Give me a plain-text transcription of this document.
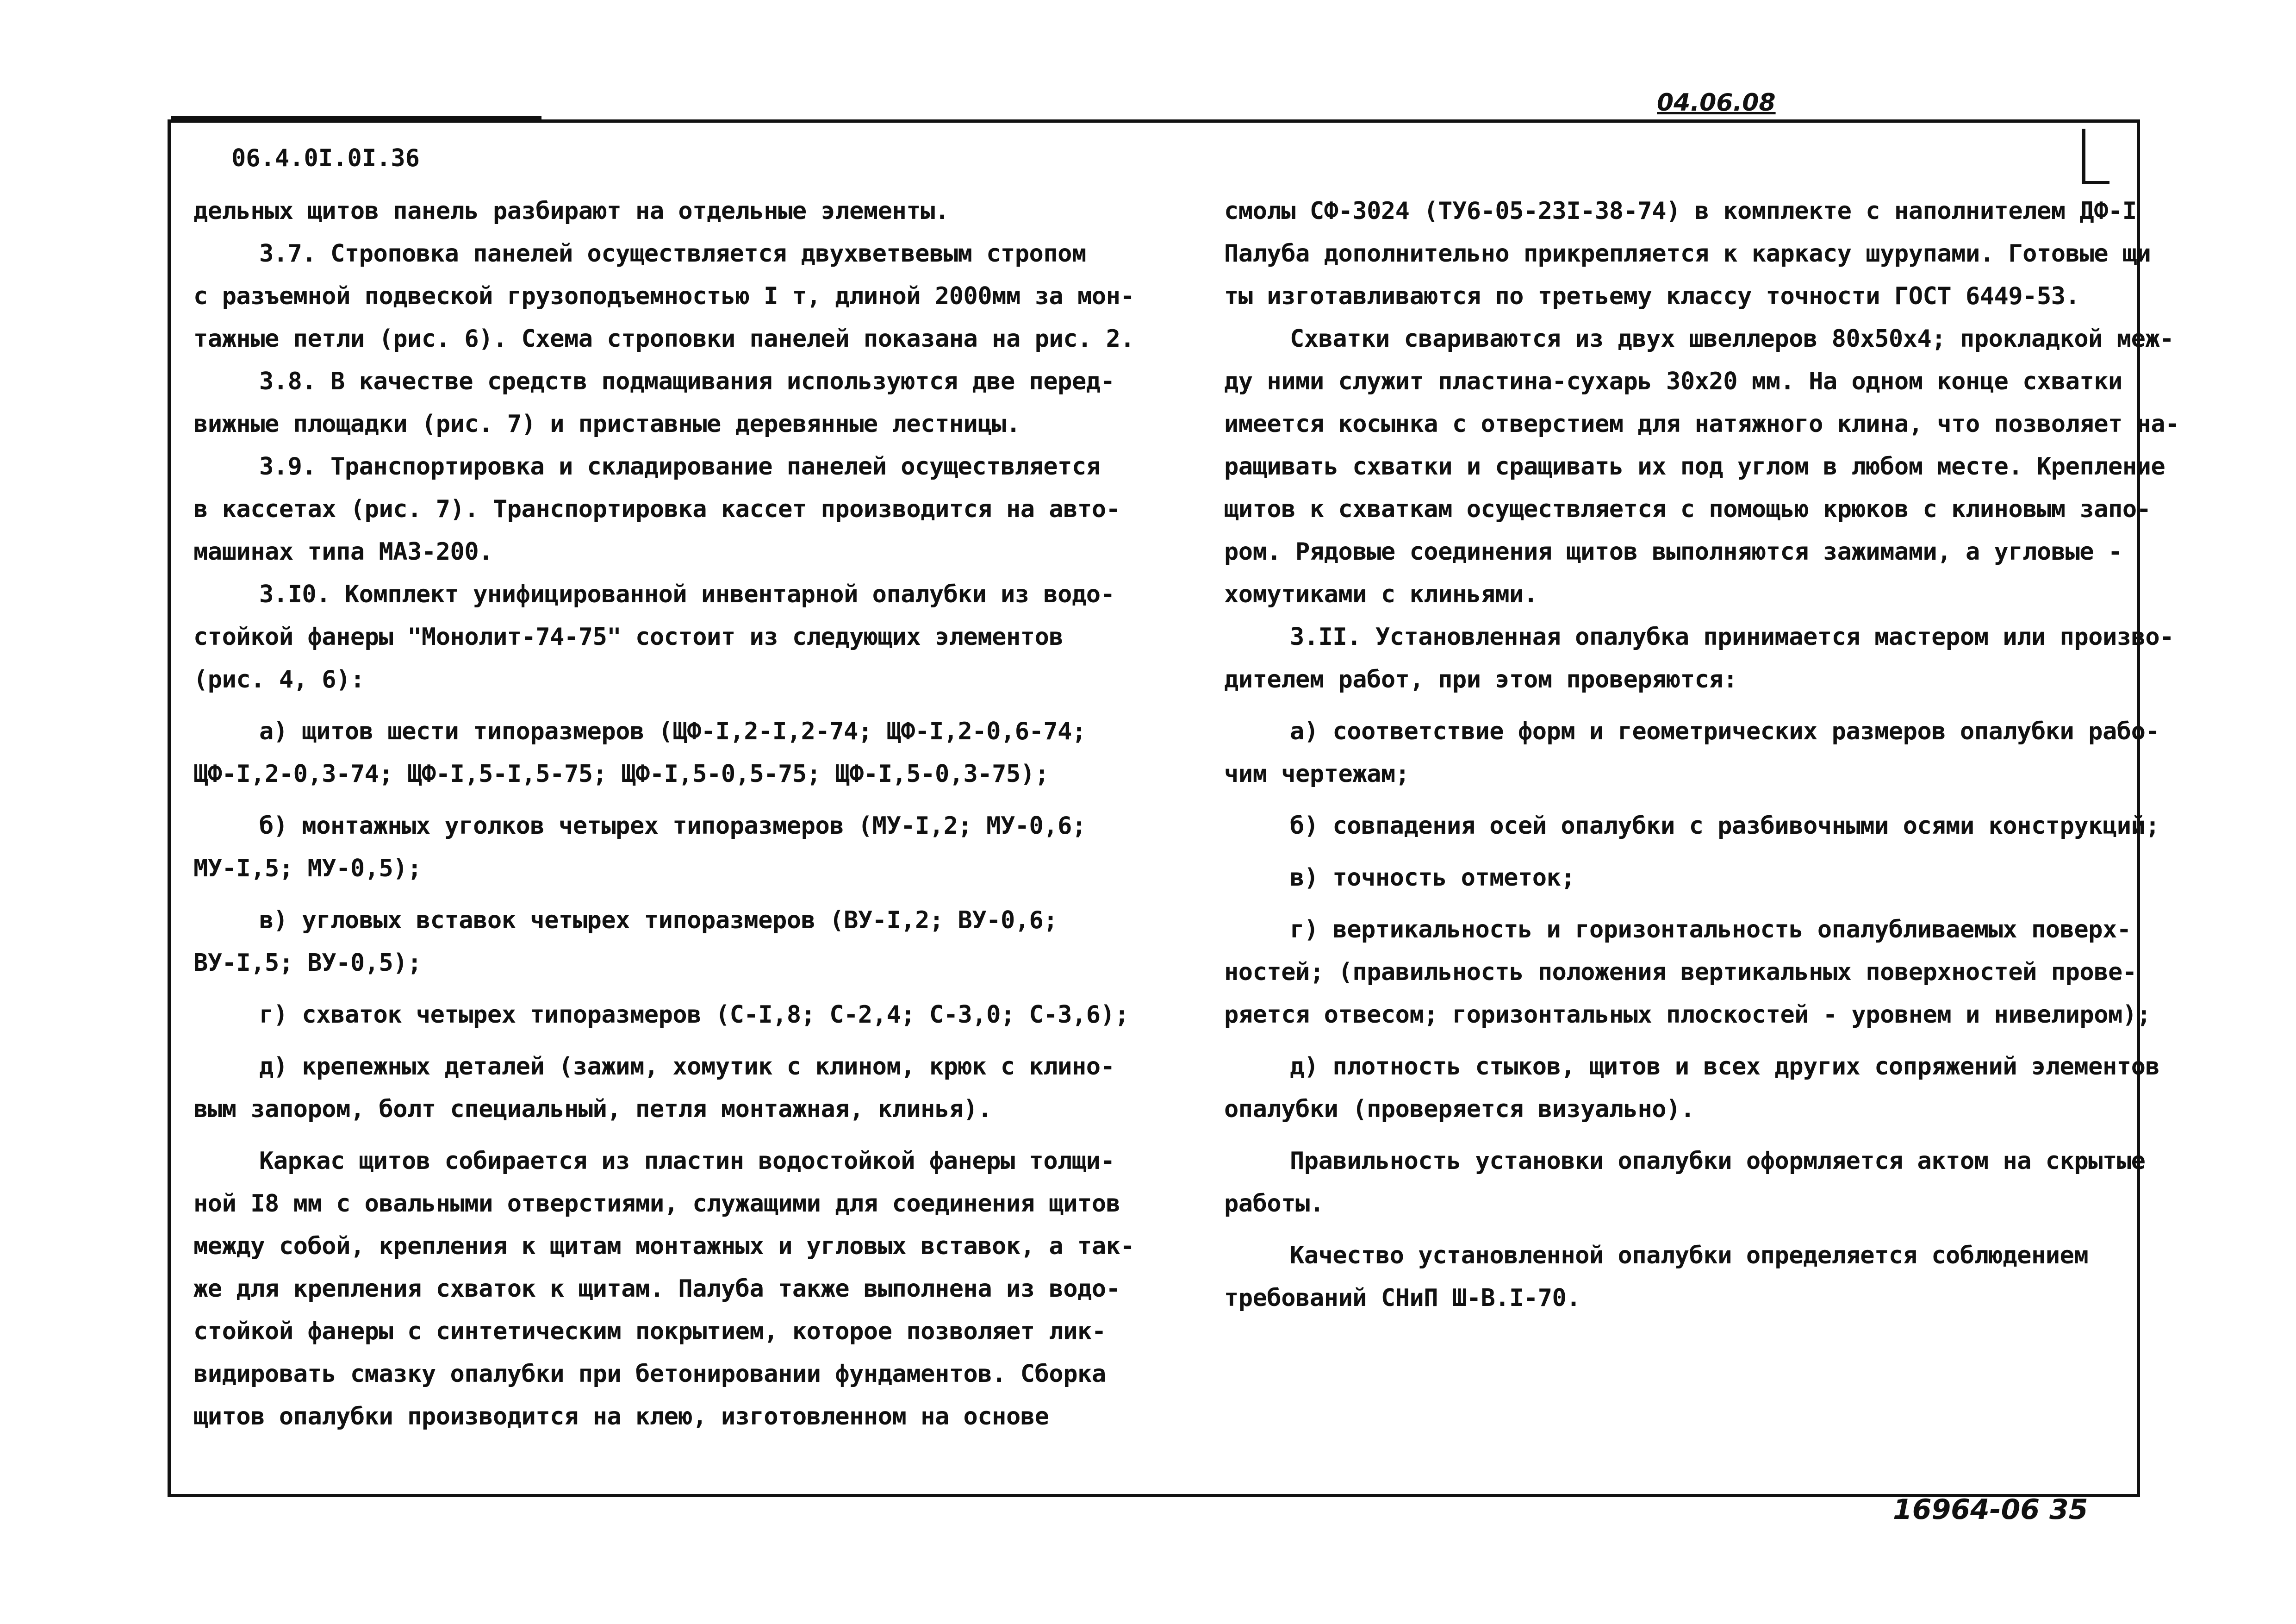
04.06.08
06.4.0I.0I.36
дельных щитов панель разбирают на отдельные элементы.
3.7. Строповка панелей осуществляется двухветвевым стропом
с разъемной подвеской грузоподъемностью I т, длиной 2000мм за мон-
тажные петли (рис. 6). Схема строповки панелей показана на рис. 2.
3.8. В качестве средств подмащивания используются две перед-
вижные площадки (рис. 7) и приставные деревянные лестницы.
3.9. Транспортировка и складирование панелей осуществляется
в кассетах (рис. 7). Транспортировка кассет производится на авто-
машинах типа МАЗ-200.
3.I0. Комплект унифицированной инвентарной опалубки из водо-
стойкой фанеры "Монолит-74-75" состоит из следующих элементов
(рис. 4, 6):
а) щитов шести типоразмеров (ЩФ-I,2-I,2-74; ЩФ-I,2-0,6-74;
ЩФ-I,2-0,3-74; ЩФ-I,5-I,5-75; ЩФ-I,5-0,5-75; ЩФ-I,5-0,3-75);
б) монтажных уголков четырех типоразмеров (МУ-I,2; МУ-0,6;
МУ-I,5; МУ-0,5);
в) угловых вставок четырех типоразмеров (ВУ-I,2; ВУ-0,6;
ВУ-I,5; ВУ-0,5);
г) схваток четырех типоразмеров (С-I,8; С-2,4; С-3,0; С-3,6);
д) крепежных деталей (зажим, хомутик с клином, крюк с клино-
вым запором, болт специальный, петля монтажная, клинья).
Каркас щитов собирается из пластин водостойкой фанеры толщи-
ной I8 мм с овальными отверстиями, служащими для соединения щитов
между собой, крепления к щитам монтажных и угловых вставок, а так-
же для крепления схваток к щитам. Палуба также выполнена из водо-
стойкой фанеры с синтетическим покрытием, которое позволяет лик-
видировать смазку опалубки при бетонировании фундаментов. Сборка
щитов опалубки производится на клею, изготовленном на основе
смолы СФ-3024 (ТУ6-05-23I-38-74) в комплекте с наполнителем ДФ-I
Палуба дополнительно прикрепляется к каркасу шурупами. Готовые щи
ты изготавливаются по третьему классу точности ГОСТ 6449-53.
Схватки свариваются из двух швеллеров 80х50х4; прокладкой меж-
ду ними служит пластина-сухарь 30х20 мм. На одном конце схватки
имеется косынка с отверстием для натяжного клина, что позволяет на-
ращивать схватки и сращивать их под углом в любом месте. Крепление
щитов к схваткам осуществляется с помощью крюков с клиновым запо-
ром. Рядовые соединения щитов выполняются зажимами, а угловые -
хомутиками с клиньями.
3.II. Установленная опалубка принимается мастером или произво-
дителем работ, при этом проверяются:
а) соответствие форм и геометрических размеров опалубки рабо-
чим чертежам;
б) совпадения осей опалубки с разбивочными осями конструкций;
в) точность отметок;
г) вертикальность и горизонтальность опалубливаемых поверх-
ностей; (правильность положения вертикальных поверхностей прове-
ряется отвесом; горизонтальных плоскостей - уровнем и нивелиром);
д) плотность стыков, щитов и всех других сопряжений элементов
опалубки (проверяется визуально).
Правильность установки опалубки оформляется актом на скрытые
работы.
Качество установленной опалубки определяется соблюдением
требований СНиП Ш-В.I-70.
16964-06 35
